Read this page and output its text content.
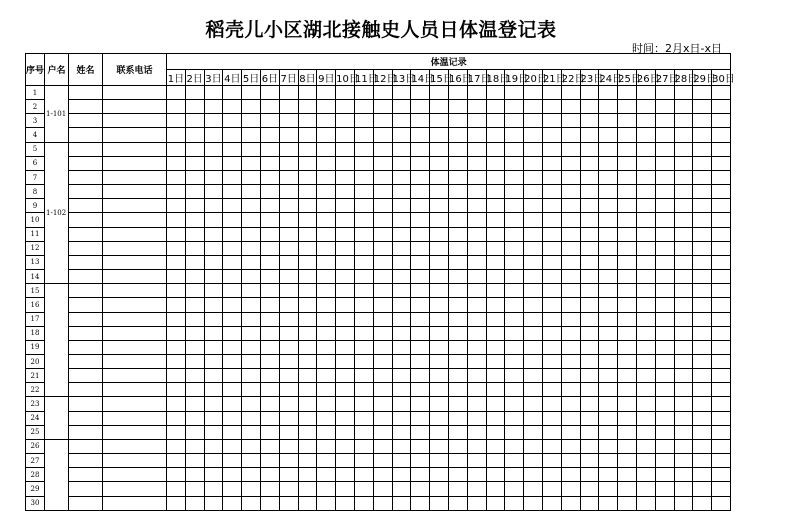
稻壳儿小区湖北接触史人员日体温登记表
时间：2月x日-x日
序号	户名	姓名	联系电话	体温记录																													
				1日	2日	3日	4日	5日	6日	7日	8日	9日	10日	11日	12日	13日	14日	15日	16日	17日	18日	19日	20日	21日	22日	23日	24日	25日	26日	27日	28日	29日	30日
1	1-101																																
2																																	
3																																	
4																																	
5	1-102																																
6																																	
7																																	
8																																	
9																																	
10																																	
11																																	
12																																	
13																																	
14																																	
15																																	
16																																	
17																																	
18																																	
19																																	
20																																	
21																																	
22																																	
23																																	
24																																	
25																																	
26																																	
27																																	
28																																	
29																																	
30																																	
